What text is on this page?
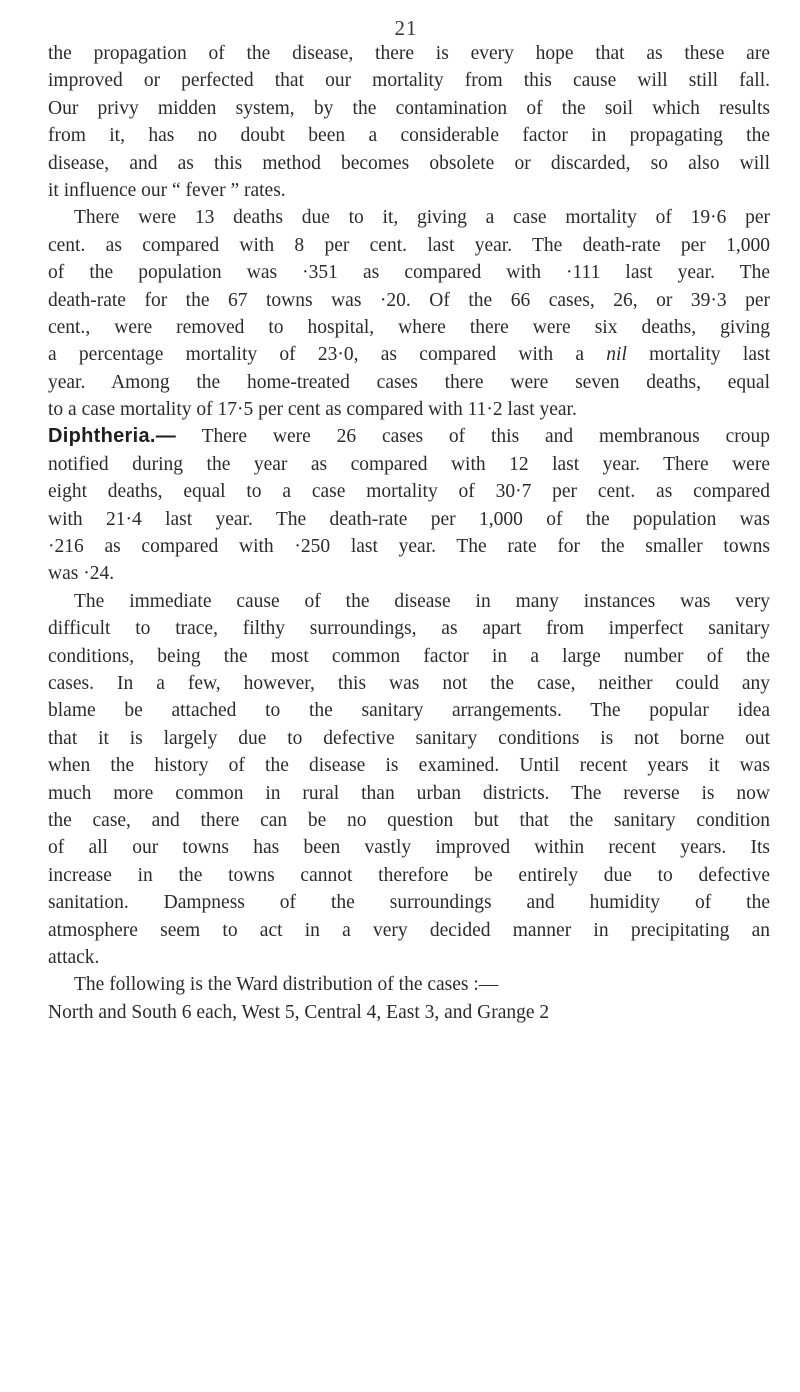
21
the propagation of the disease, there is every hope that as these are
improved or perfected that our mortality from this cause will still fall.
Our privy midden system, by the contamination of the soil which results
from it, has no doubt been a considerable factor in propagating the
disease, and as this method becomes obsolete or discarded, so also will
it influence our “ fever ” rates.
There were 13 deaths due to it, giving a case mortality of 19·6 per
cent. as compared with 8 per cent. last year. The death-rate per 1,000
of the population was ·351 as compared with ·111 last year. The
death-rate for the 67 towns was ·20. Of the 66 cases, 26, or 39·3 per
cent., were removed to hospital, where there were six deaths, giving
a percentage mortality of 23·0, as compared with a nil mortality last
year. Among the home-treated cases there were seven deaths, equal
to a case mortality of 17·5 per cent as compared with 11·2 last year.
Diphtheria.— There were 26 cases of this and membranous croup
notified during the year as compared with 12 last year. There were
eight deaths, equal to a case mortality of 30·7 per cent. as compared
with 21·4 last year. The death-rate per 1,000 of the population was
·216 as compared with ·250 last year. The rate for the smaller towns
was ·24.
The immediate cause of the disease in many instances was very
difficult to trace, filthy surroundings, as apart from imperfect sanitary
conditions, being the most common factor in a large number of the
cases. In a few, however, this was not the case, neither could any
blame be attached to the sanitary arrangements. The popular idea
that it is largely due to defective sanitary conditions is not borne out
when the history of the disease is examined. Until recent years it was
much more common in rural than urban districts. The reverse is now
the case, and there can be no question but that the sanitary condition
of all our towns has been vastly improved within recent years. Its
increase in the towns cannot therefore be entirely due to defective
sanitation. Dampness of the surroundings and humidity of the
atmosphere seem to act in a very decided manner in precipitating an
attack.
The following is the Ward distribution of the cases :—
North and South 6 each, West 5, Central 4, East 3, and Grange 2
